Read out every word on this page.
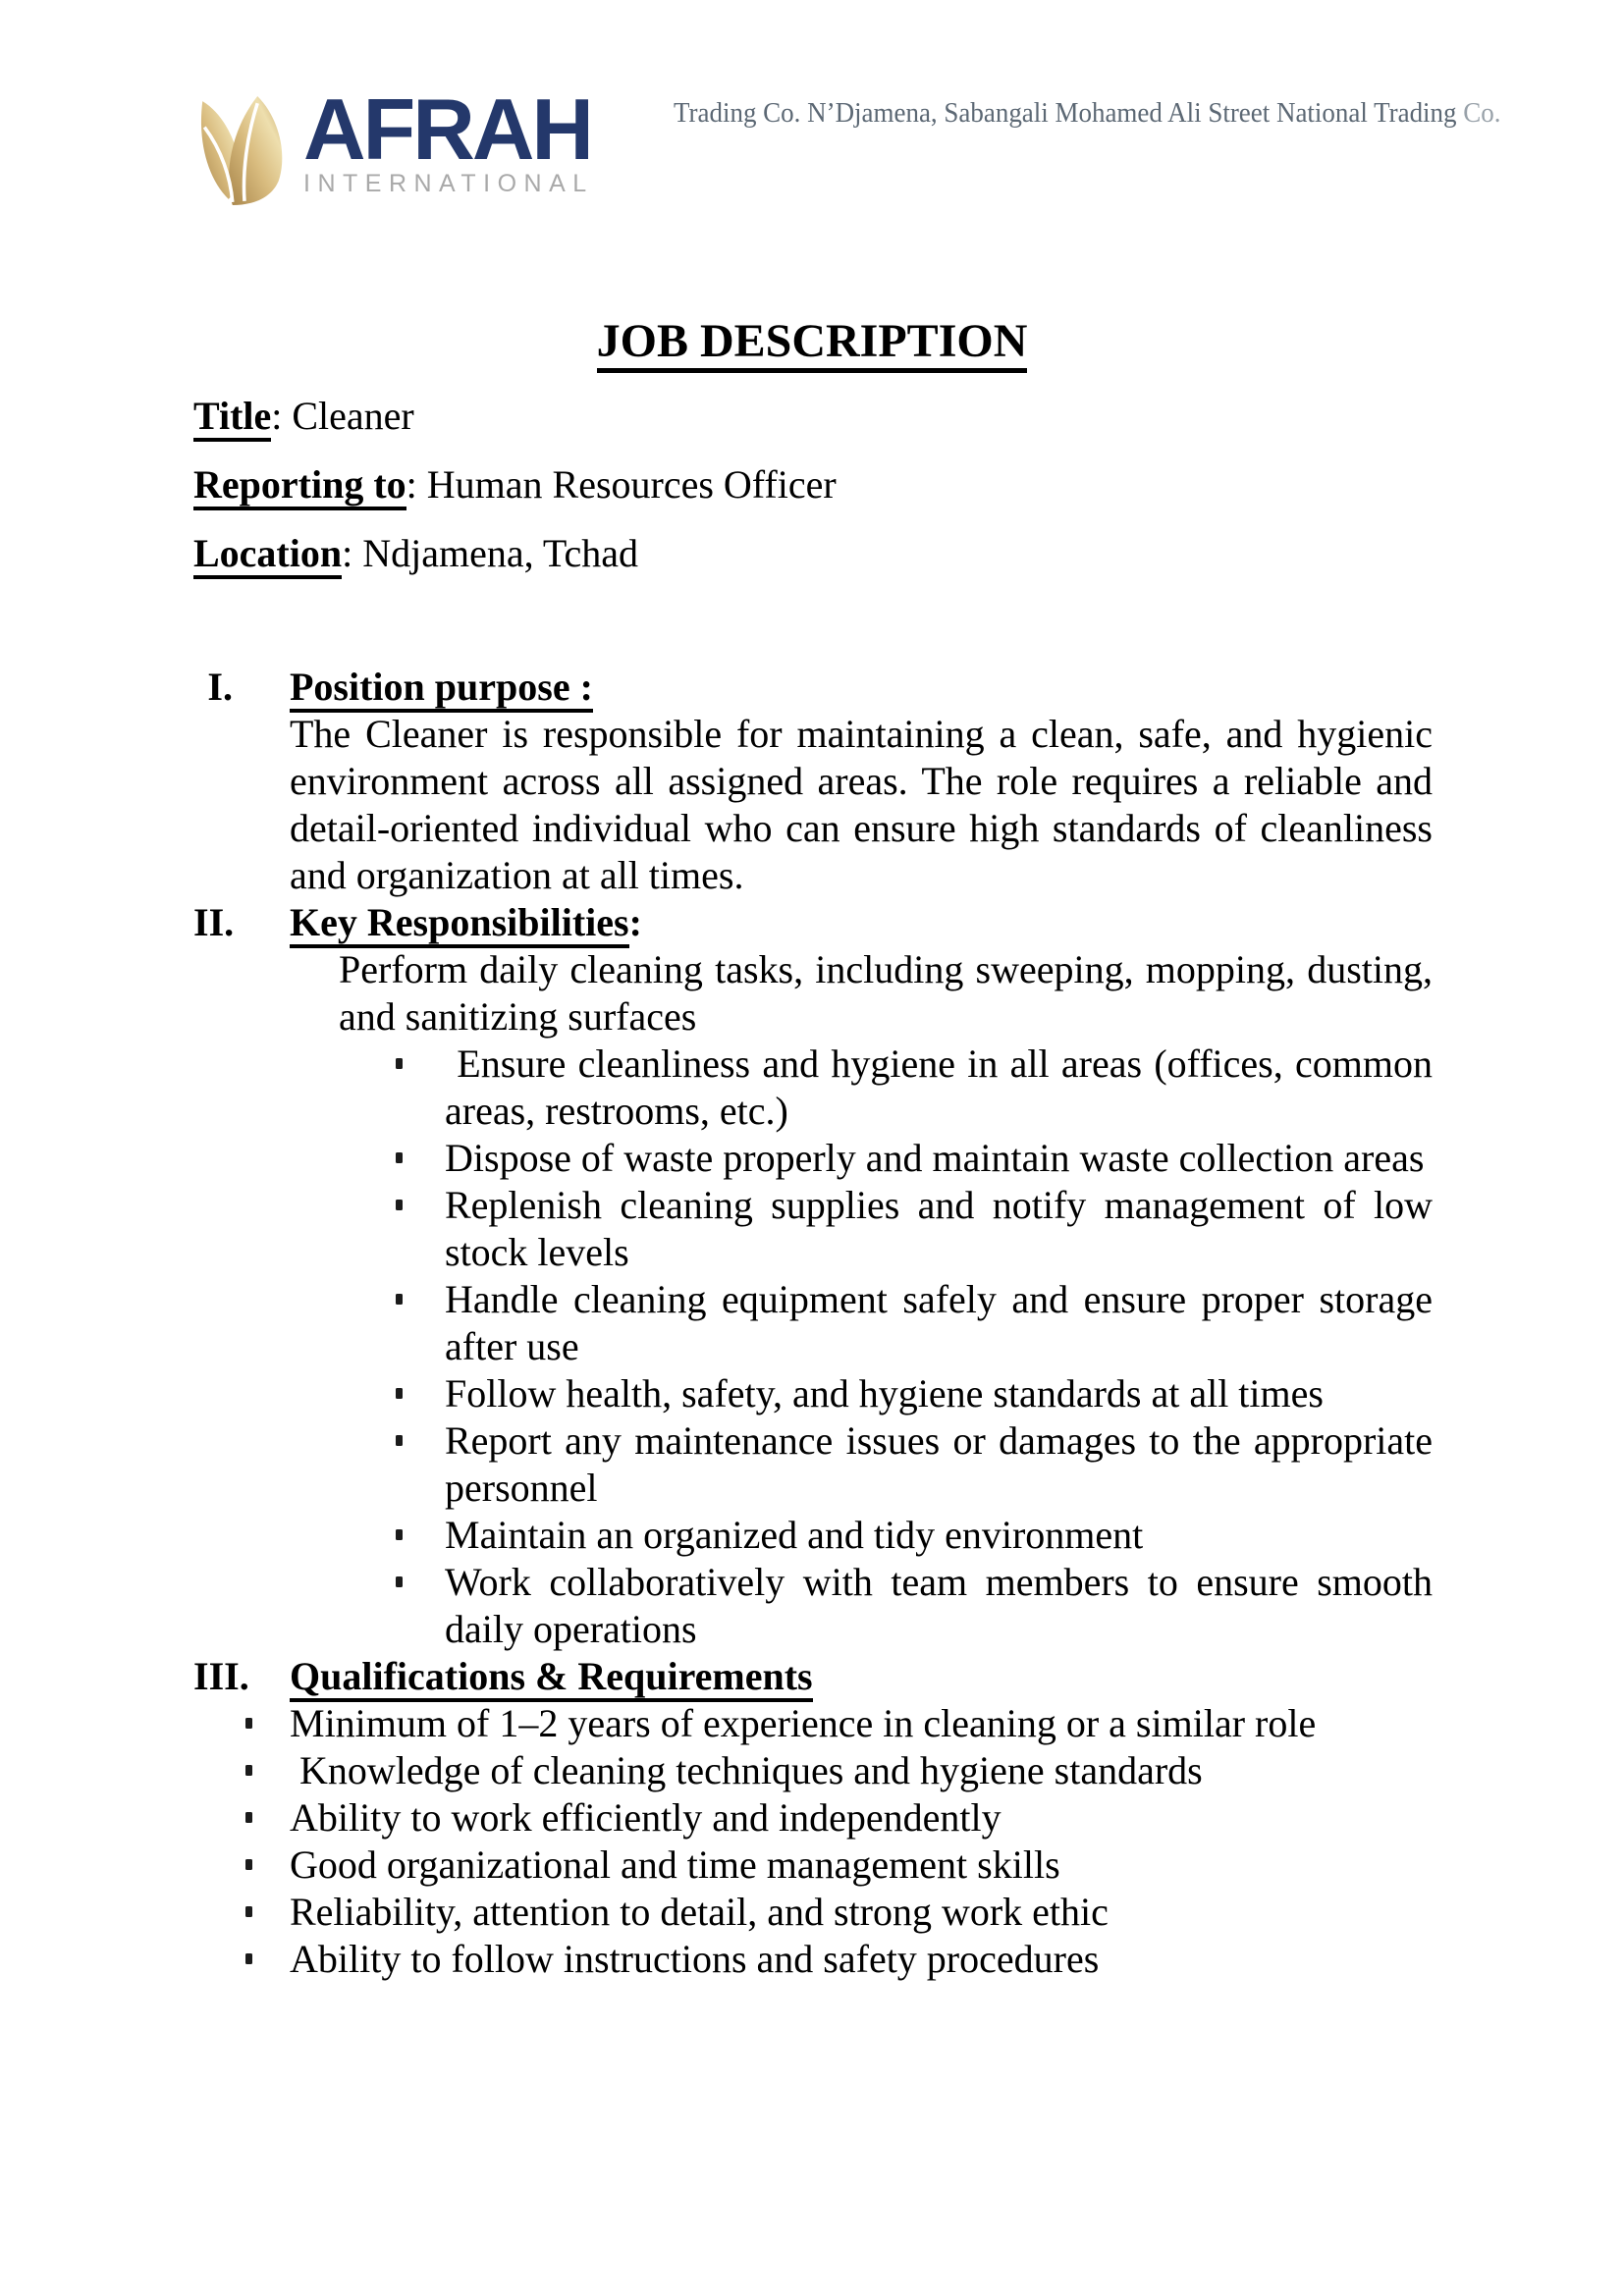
AFRAH
INTERNATIONAL
Trading Co. N’Djamena, Sabangali Mohamed Ali Street National Trading Co.
JOB DESCRIPTION
Title: Cleaner
Reporting to: Human Resources Officer
Location: Ndjamena, Tchad
I. Position purpose :
The Cleaner is responsible for maintaining a clean, safe, and hygienic environment across all assigned areas. The role requires a reliable and detail-oriented individual who can ensure high standards of cleanliness and organization at all times.
II. Key Responsibilities:
Perform daily cleaning tasks, including sweeping, mopping, dusting, and sanitizing surfaces
Ensure cleanliness and hygiene in all areas (offices, common areas, restrooms, etc.)
Dispose of waste properly and maintain waste collection areas
Replenish cleaning supplies and notify management of low stock levels
Handle cleaning equipment safely and ensure proper storage after use
Follow health, safety, and hygiene standards at all times
Report any maintenance issues or damages to the appropriate personnel
Maintain an organized and tidy environment
Work collaboratively with team members to ensure smooth daily operations
III. Qualifications & Requirements
Minimum of 1–2 years of experience in cleaning or a similar role
Knowledge of cleaning techniques and hygiene standards
Ability to work efficiently and independently
Good organizational and time management skills
Reliability, attention to detail, and strong work ethic
Ability to follow instructions and safety procedures
